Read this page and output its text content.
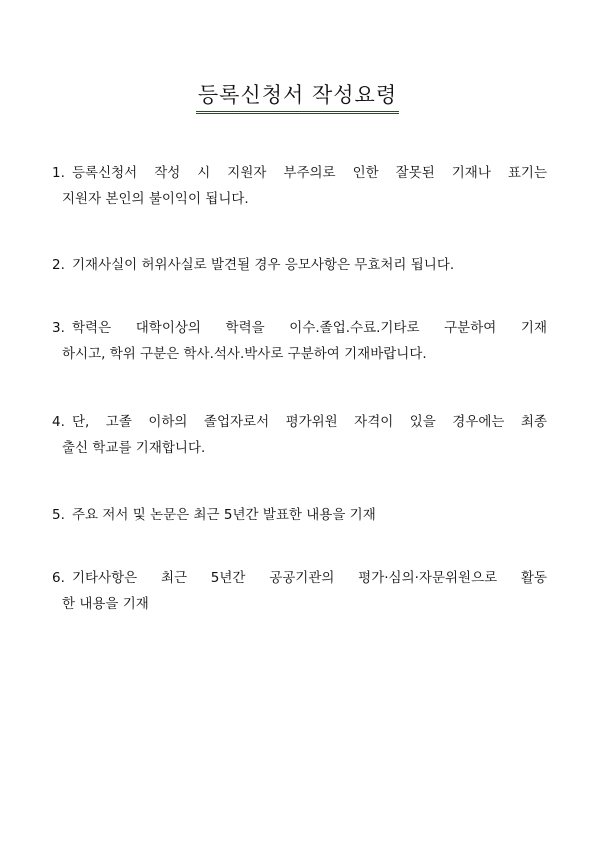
등록신청서 작성요령
1. 등록신청서 작성 시 지원자 부주의로 인한 잘못된 기재나 표기는
지원자 본인의 불이익이 됩니다.
2. 기재사실이 허위사실로 발견될 경우 응모사항은 무효처리 됩니다.
3. 학력은 대학이상의 학력을 이수.졸업.수료.기타로 구분하여 기재
하시고, 학위 구분은 학사.석사.박사로 구분하여 기재바랍니다.
4. 단, 고졸 이하의 졸업자로서 평가위원 자격이 있을 경우에는 최종
출신 학교를 기재합니다.
5. 주요 저서 및 논문은 최근 5년간 발표한 내용을 기재
6. 기타사항은 최근 5년간 공공기관의 평가·심의·자문위원으로 활동
한 내용을 기재
